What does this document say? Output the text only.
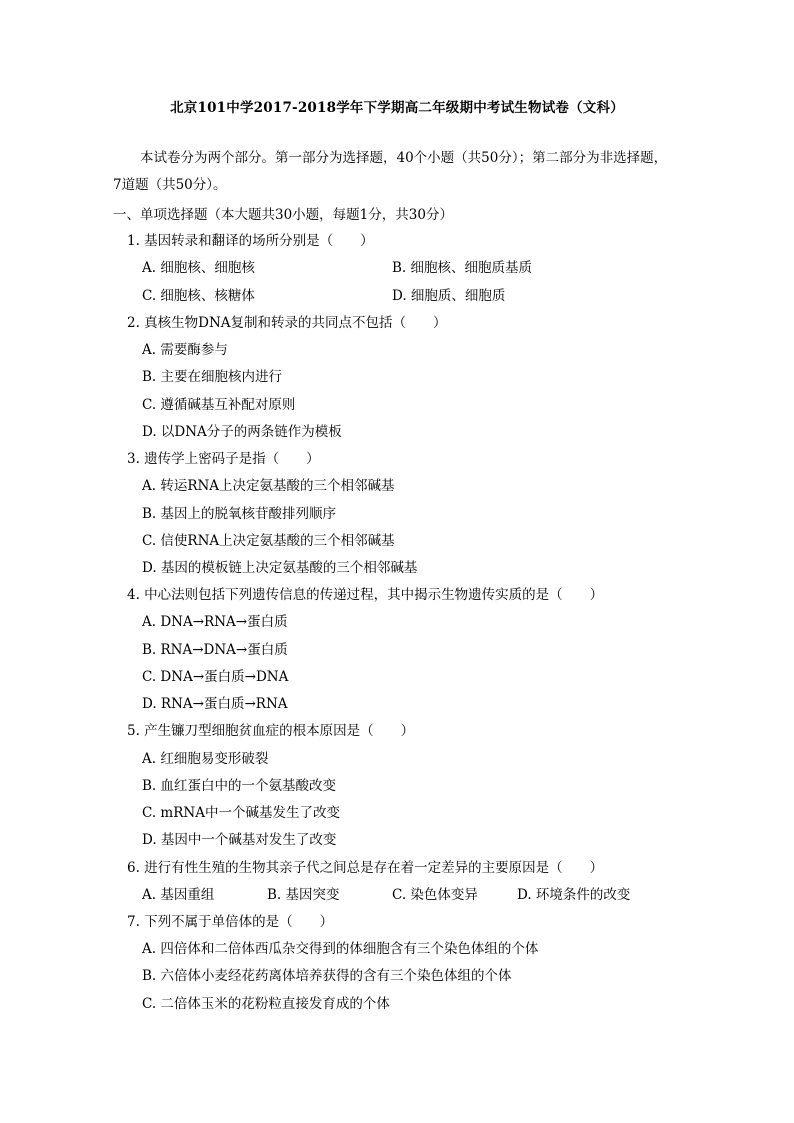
北京101中学2017-2018学年下学期高二年级期中考试生物试卷（文科）
本试卷分为两个部分。第一部分为选择题，40个小题（共50分）；第二部分为非选择题，
7道题（共50分）。
一、单项选择题（本大题共30小题，每题1分，共30分）
1. 基因转录和翻译的场所分别是（　　）
A. 细胞核、细胞核	B. 细胞核、细胞质基质
C. 细胞核、核糖体	D. 细胞质、细胞质
2. 真核生物DNA复制和转录的共同点不包括（　　）
A. 需要酶参与
B. 主要在细胞核内进行
C. 遵循碱基互补配对原则
D. 以DNA分子的两条链作为模板
3. 遗传学上密码子是指（　　）
A. 转运RNA上决定氨基酸的三个相邻碱基
B. 基因上的脱氧核苷酸排列顺序
C. 信使RNA上决定氨基酸的三个相邻碱基
D. 基因的模板链上决定氨基酸的三个相邻碱基
4. 中心法则包括下列遗传信息的传递过程，其中揭示生物遗传实质的是（　　）
A. DNA→RNA→蛋白质
B. RNA→DNA→蛋白质
C. DNA→蛋白质→DNA
D. RNA→蛋白质→RNA
5. 产生镰刀型细胞贫血症的根本原因是（　　）
A. 红细胞易变形破裂
B. 血红蛋白中的一个氨基酸改变
C. mRNA中一个碱基发生了改变
D. 基因中一个碱基对发生了改变
6. 进行有性生殖的生物其亲子代之间总是存在着一定差异的主要原因是（　　）
A. 基因重组	B. 基因突变	C. 染色体变异	D. 环境条件的改变
7. 下列不属于单倍体的是（　　）
A. 四倍体和二倍体西瓜杂交得到的体细胞含有三个染色体组的个体
B. 六倍体小麦经花药离体培养获得的含有三个染色体组的个体
C. 二倍体玉米的花粉粒直接发育成的个体
